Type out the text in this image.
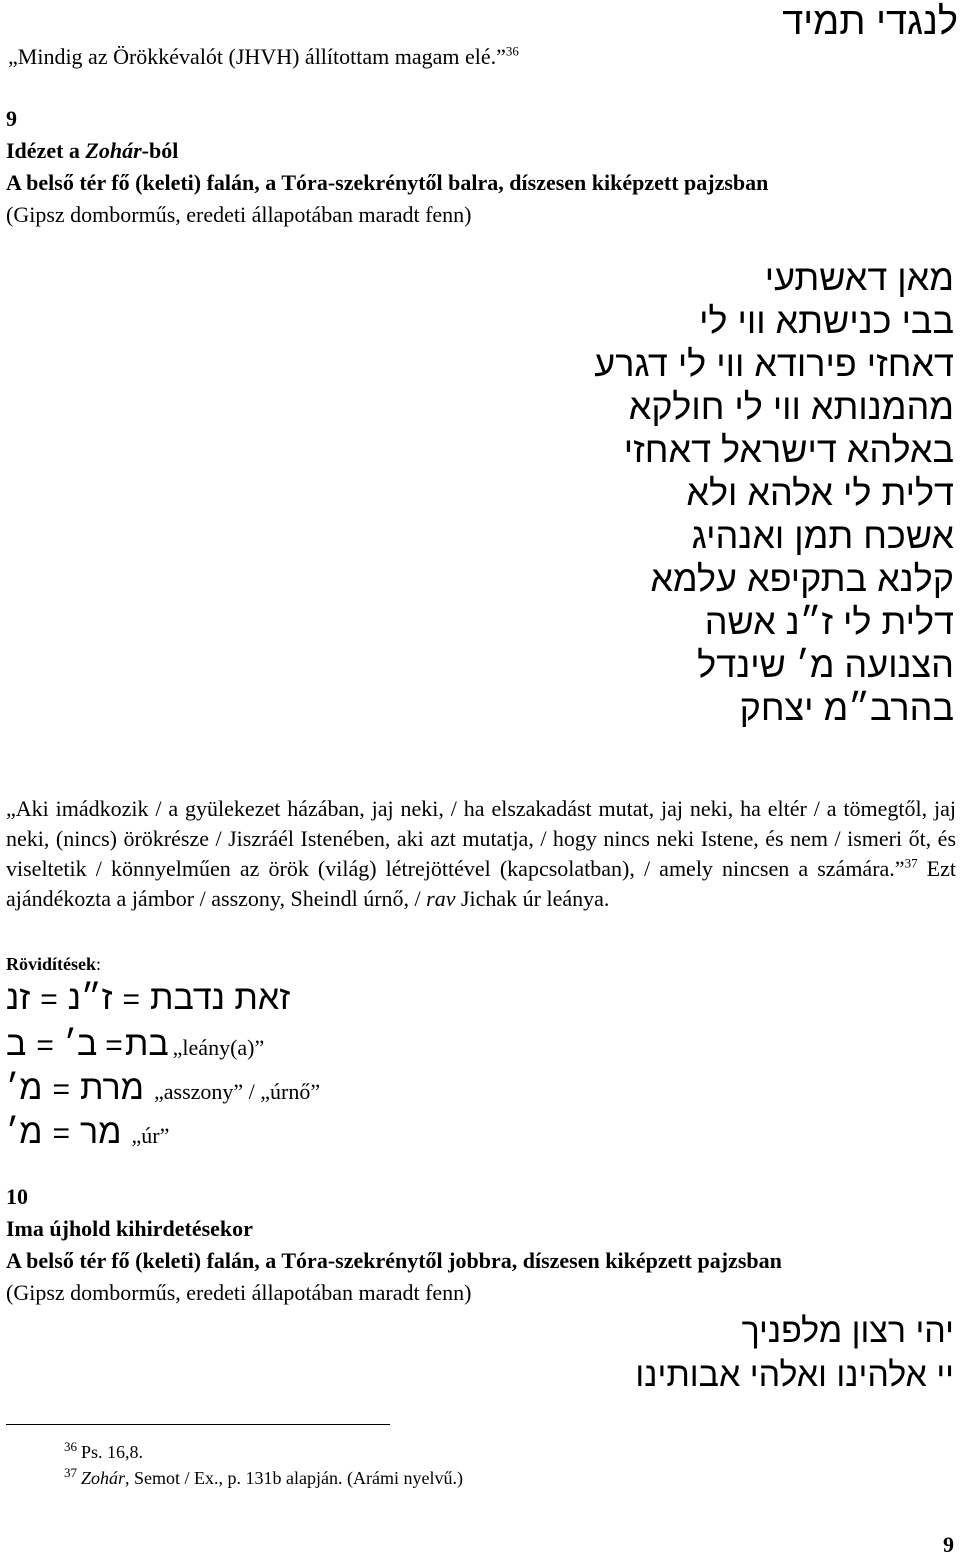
לנגדי תמיד
„Mindig az Örökkévalót (JHVH) állítottam magam elé.”$^{36}$
9
Idézet a Zohár-ból
A belső tér fő (keleti) falán, a Tóra-szekrénytől balra, díszesen kiképzett pajzsban
(Gipsz domborműs, eredeti állapotában maradt fenn)
מאן דאשתעי
בבי כנישתא ווי לי
דאחזי פירודא ווי לי דגרע
מהמנותא ווי לי חולקא
באלהא דישראל דאחזי
דלית לי אלהא ולא
אשכח תמן ואנהיג
קלנא בתקיפא עלמא
דלית לי ז״נ אשה
הצנועה מ׳ שינדל
בהרב״מ יצחק
„Aki imádkozik / a gyülekezet házában, jaj neki, / ha elszakadást mutat, jaj neki, ha eltér / a tömegtől, jaj neki, (nincs) örökrésze / Jiszráél Istenében, aki azt mutatja, / hogy nincs neki Istene, és nem / ismeri őt, és viseltetik / könnyelműen az örök (világ) létrejöttével (kapcsolatban), / amely nincsen a számára.”$^{37}$ Ezt ajándékozta a jámbor / asszony, Sheindl úrnő, / rav Jichak úr leánya.
Rövidítések:
זנ = ז״נ = זאת נדבת
ב = ב׳ = בת „leány(a)”
מ׳ = מרת „asszony” / „úrnő”
מ׳ = מר „úr”
10
Ima újhold kihirdetésekor
A belső tér fő (keleti) falán, a Tóra-szekrénytől jobbra, díszesen kiképzett pajzsban
(Gipsz domborműs, eredeti állapotában maradt fenn)
יהי רצון מלפניך
יי אלהינו ואלהי אבותינו
$^{36}$ Ps. 16,8.
$^{37}$ Zohár, Semot / Ex., p. 131b alapján. (Arámi nyelvű.)
9
